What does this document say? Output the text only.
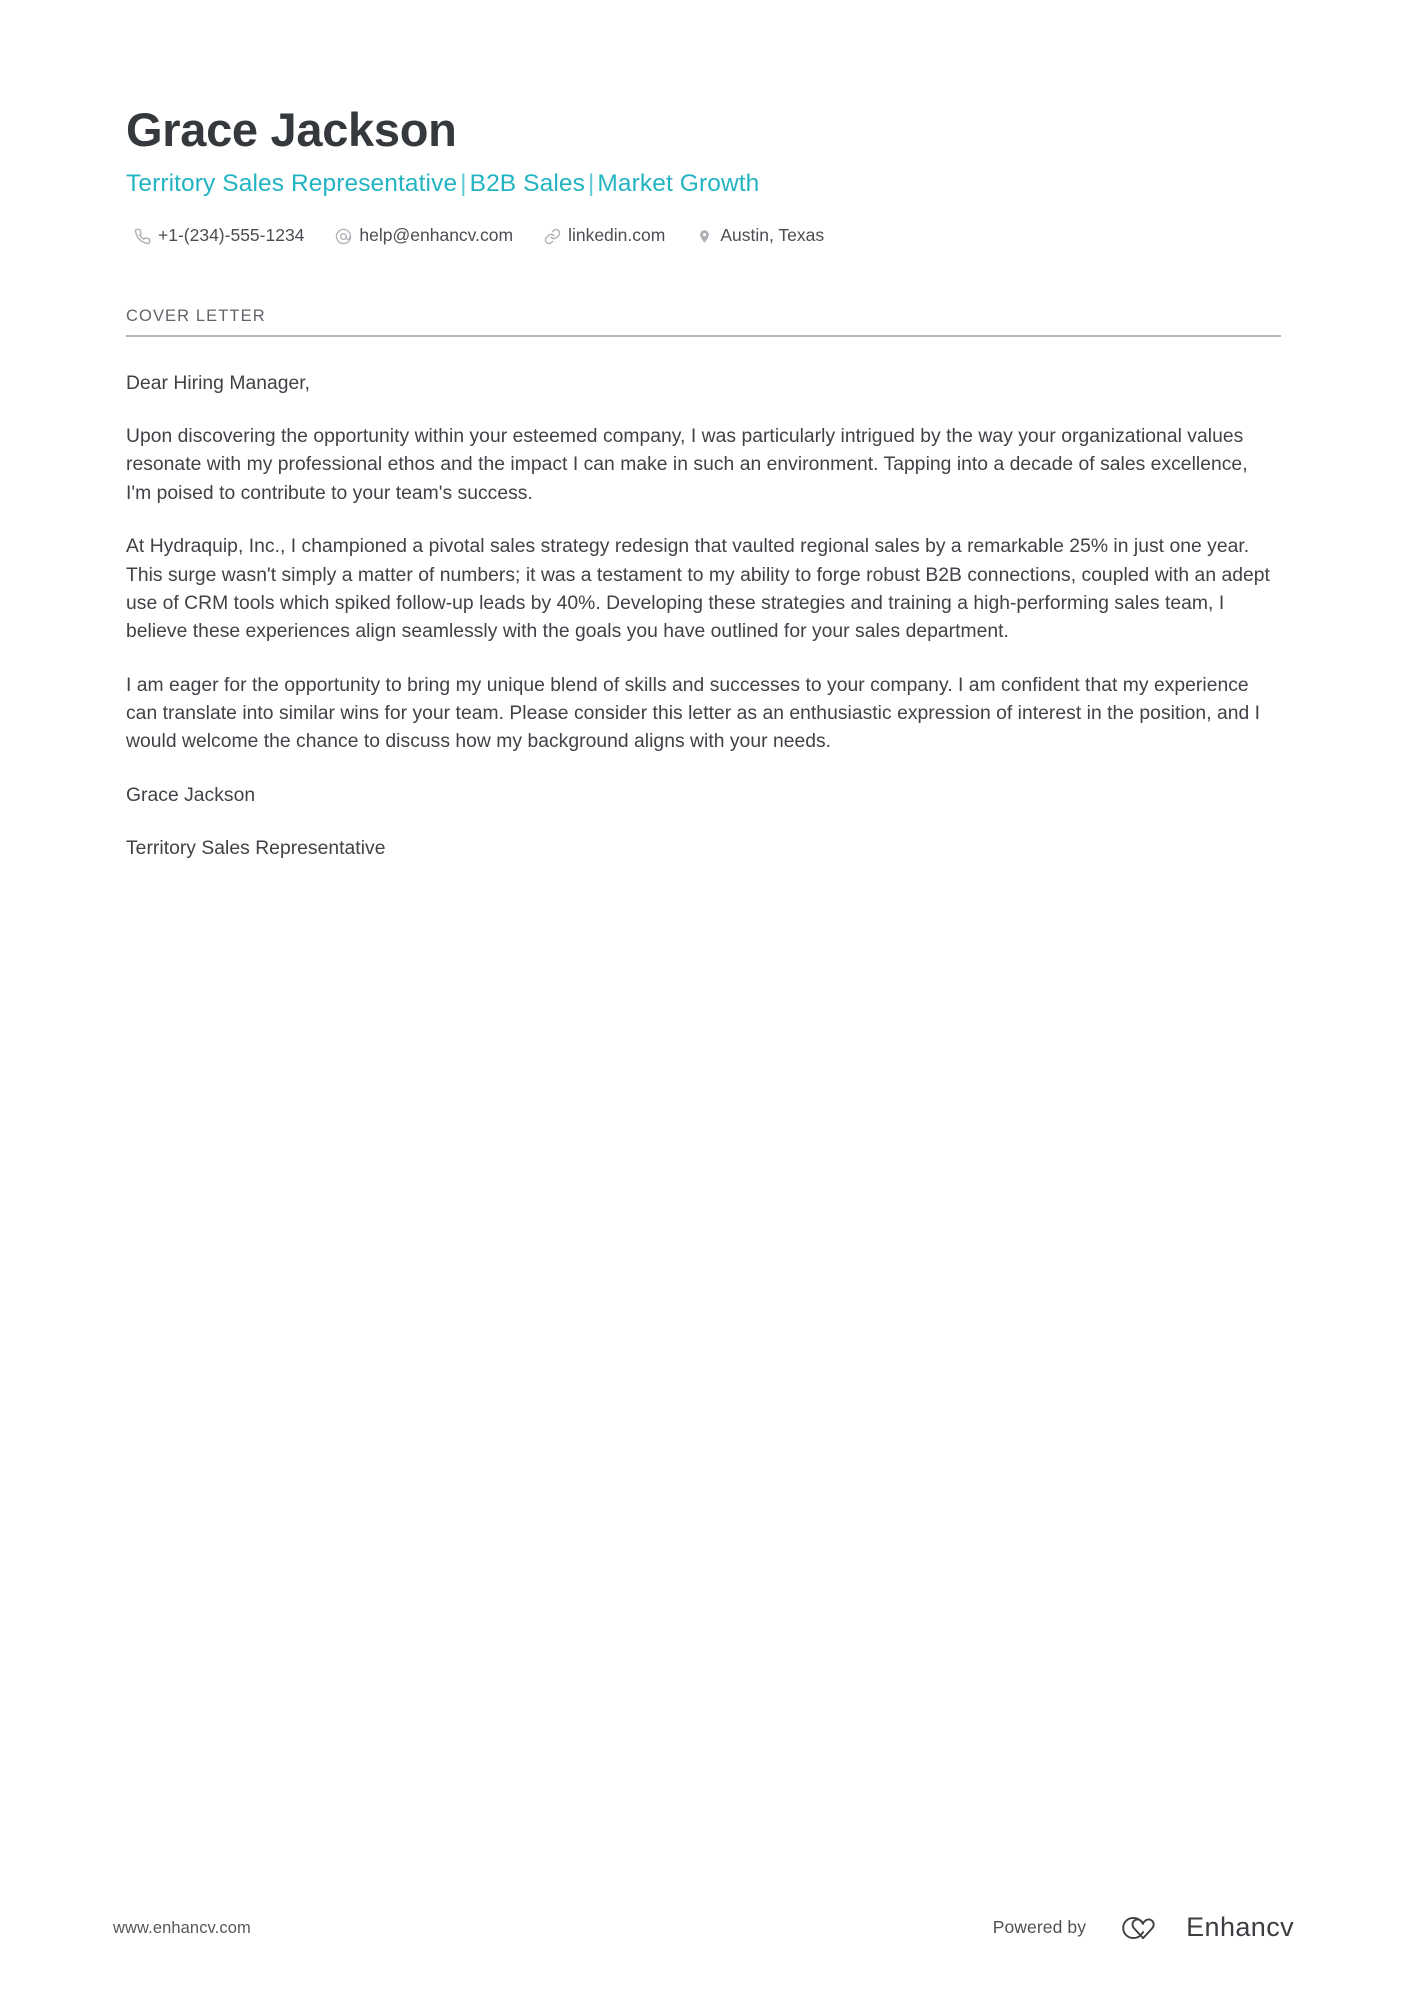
Grace Jackson
Territory Sales Representative | B2B Sales | Market Growth
+1-(234)-555-1234	help@enhancv.com	linkedin.com	Austin, Texas
COVER LETTER

Dear Hiring Manager,

Upon discovering the opportunity within your esteemed company, I was particularly intrigued by the way your organizational values resonate with my professional ethos and the impact I can make in such an environment. Tapping into a decade of sales excellence, I'm poised to contribute to your team's success.

At Hydraquip, Inc., I championed a pivotal sales strategy redesign that vaulted regional sales by a remarkable 25% in just one year. This surge wasn't simply a matter of numbers; it was a testament to my ability to forge robust B2B connections, coupled with an adept use of CRM tools which spiked follow-up leads by 40%. Developing these strategies and training a high-performing sales team, I believe these experiences align seamlessly with the goals you have outlined for your sales department.

I am eager for the opportunity to bring my unique blend of skills and successes to your company. I am confident that my experience can translate into similar wins for your team. Please consider this letter as an enthusiastic expression of interest in the position, and I would welcome the chance to discuss how my background aligns with your needs.

Grace Jackson

Territory Sales Representative

www.enhancv.com	Powered by	Enhancv
